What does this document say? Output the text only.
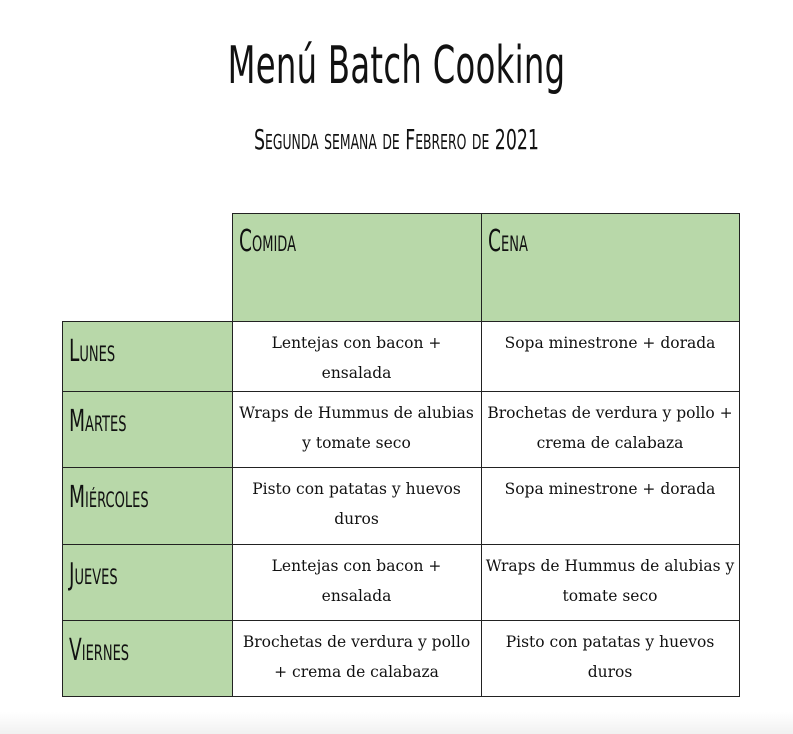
Menú Batch Cooking
Segunda semana de Febrero de 2021
	Comida	Cena
Lunes	Lentejas con bacon + ensalada	Sopa minestrone + dorada
Martes	Wraps de Hummus de alubias y tomate seco	Brochetas de verdura y pollo + crema de calabaza
Miércoles	Pisto con patatas y huevos duros	Sopa minestrone + dorada
Jueves	Lentejas con bacon + ensalada	Wraps de Hummus de alubias y tomate seco
Viernes	Brochetas de verdura y pollo + crema de calabaza	Pisto con patatas y huevos duros
